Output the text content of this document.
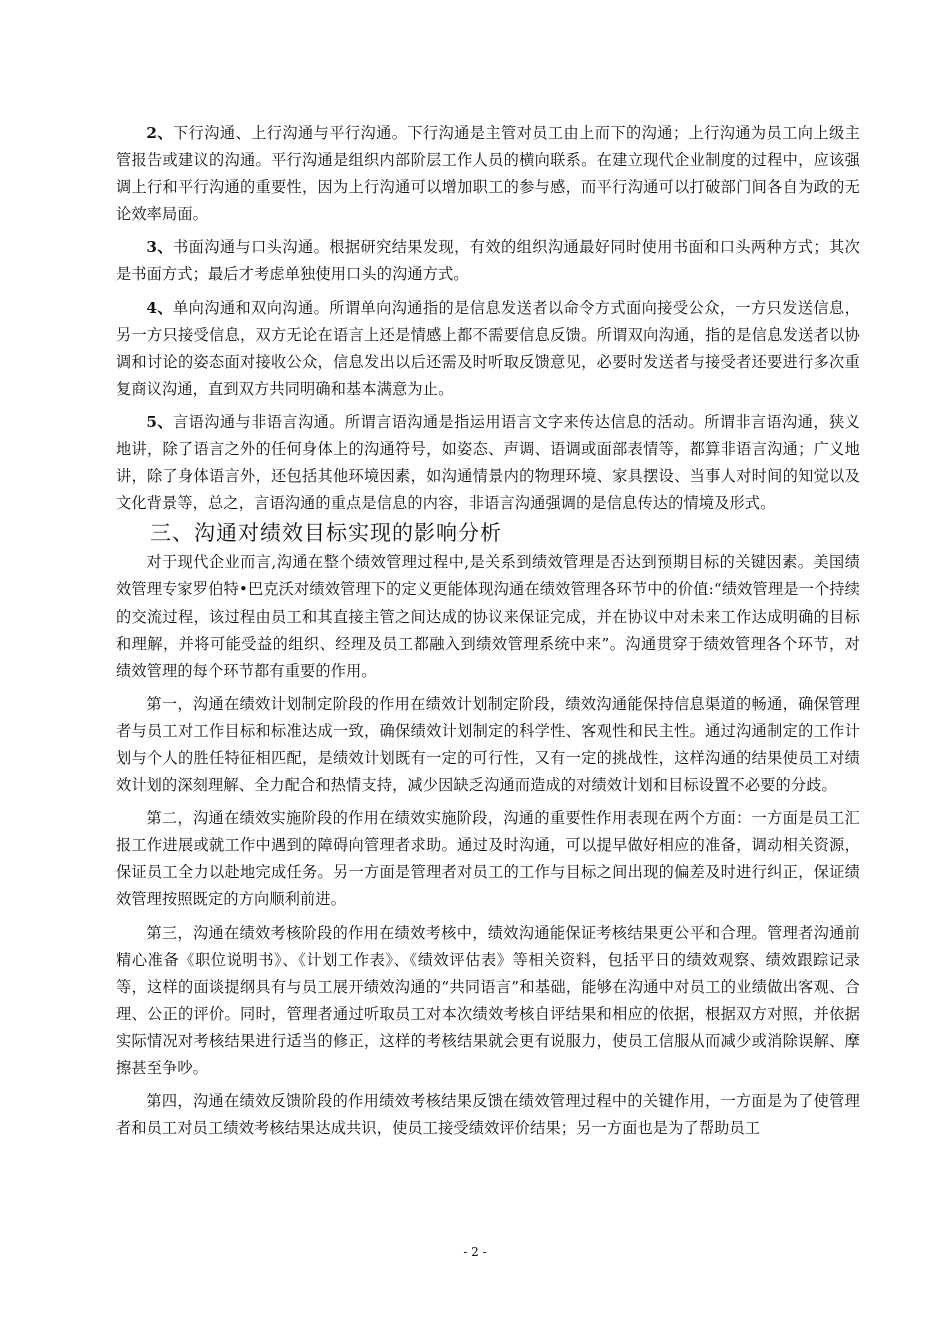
2、下行沟通、上行沟通与平行沟通。下行沟通是主管对员工由上而下的沟通；上行沟通为员工向上级主管报告或建议的沟通。平行沟通是组织内部阶层工作人员的横向联系。在建立现代企业制度的过程中，应该强调上行和平行沟通的重要性，因为上行沟通可以增加职工的参与感，而平行沟通可以打破部门间各自为政的无论效率局面。

3、书面沟通与口头沟通。根据研究结果发现，有效的组织沟通最好同时使用书面和口头两种方式；其次是书面方式；最后才考虑单独使用口头的沟通方式。

4、单向沟通和双向沟通。所谓单向沟通指的是信息发送者以命令方式面向接受公众，一方只发送信息，另一方只接受信息，双方无论在语言上还是情感上都不需要信息反馈。所谓双向沟通，指的是信息发送者以协调和讨论的姿态面对接收公众，信息发出以后还需及时听取反馈意见，必要时发送者与接受者还要进行多次重复商议沟通，直到双方共同明确和基本满意为止。

5、言语沟通与非语言沟通。所谓言语沟通是指运用语言文字来传达信息的活动。所谓非言语沟通，狭义地讲，除了语言之外的任何身体上的沟通符号，如姿态、声调、语调或面部表情等，都算非语言沟通；广义地讲，除了身体语言外，还包括其他环境因素，如沟通情景内的物理环境、家具摆设、当事人对时间的知觉以及文化背景等，总之，言语沟通的重点是信息的内容，非语言沟通强调的是信息传达的情境及形式。

三、沟通对绩效目标实现的影响分析

对于现代企业而言,沟通在整个绩效管理过程中,是关系到绩效管理是否达到预期目标的关键因素。美国绩效管理专家罗伯特•巴克沃对绩效管理下的定义更能体现沟通在绩效管理各环节中的价值:“绩效管理是一个持续的交流过程，该过程由员工和其直接主管之间达成的协议来保证完成，并在协议中对未来工作达成明确的目标和理解，并将可能受益的组织、经理及员工都融入到绩效管理系统中来”。沟通贯穿于绩效管理各个环节，对绩效管理的每个环节都有重要的作用。

第一，沟通在绩效计划制定阶段的作用在绩效计划制定阶段，绩效沟通能保持信息渠道的畅通，确保管理者与员工对工作目标和标准达成一致，确保绩效计划制定的科学性、客观性和民主性。通过沟通制定的工作计划与个人的胜任特征相匹配，是绩效计划既有一定的可行性，又有一定的挑战性，这样沟通的结果使员工对绩效计划的深刻理解、全力配合和热情支持，减少因缺乏沟通而造成的对绩效计划和目标设置不必要的分歧。

第二，沟通在绩效实施阶段的作用在绩效实施阶段，沟通的重要性作用表现在两个方面：一方面是员工汇报工作进展或就工作中遇到的障碍向管理者求助。通过及时沟通，可以提早做好相应的准备，调动相关资源，保证员工全力以赴地完成任务。另一方面是管理者对员工的工作与目标之间出现的偏差及时进行纠正，保证绩效管理按照既定的方向顺利前进。

第三，沟通在绩效考核阶段的作用在绩效考核中，绩效沟通能保证考核结果更公平和合理。管理者沟通前精心准备《职位说明书》、《计划工作表》、《绩效评估表》等相关资料，包括平日的绩效观察、绩效跟踪记录等，这样的面谈提纲具有与员工展开绩效沟通的“共同语言”和基础，能够在沟通中对员工的业绩做出客观、合理、公正的评价。同时，管理者通过听取员工对本次绩效考核自评结果和相应的依据，根据双方对照，并依据实际情况对考核结果进行适当的修正，这样的考核结果就会更有说服力，使员工信服从而减少或消除误解、摩擦甚至争吵。

第四，沟通在绩效反馈阶段的作用绩效考核结果反馈在绩效管理过程中的关键作用，一方面是为了使管理者和员工对员工绩效考核结果达成共识，使员工接受绩效评价结果；另一方面也是为了帮助员工

- 2 -
